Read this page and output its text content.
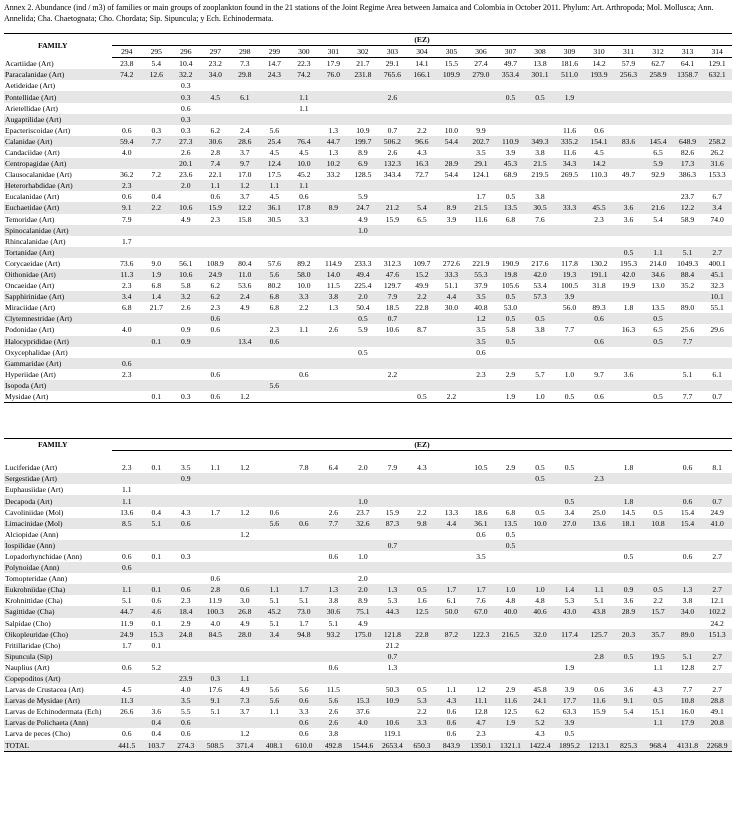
Annex 2. Abundance (ind / m3) of families or main groups of zooplankton found in the 21 stations of the Joint Regime Area between Jamaica and Colombia in October 2011. Phylum: Art. Arthropoda; Mol. Mollusca; Ann. Annelida; Cha. Chaetognata; Cho. Chordata; Sip. Sipuncula; y Ech. Echinodermata.
FAMILY	(EZ)																				
	294	295	296	297	298	299	300	301	302	303	304	305	306	307	308	309	310	311	312	313	314
Acartiidae (Art)	23.8	5.4	10.4	23.2	7.3	14.7	22.3	17.9	21.7	29.1	14.1	15.5	27.4	49.7	13.8	181.6	14.2	57.9	62.7	64.1	129.1
Paracalanidae (Art)	74.2	12.6	32.2	34.0	29.8	24.3	74.2	76.0	231.8	765.6	166.1	109.9	279.0	353.4	301.1	511.0	193.9	256.3	258.9	1358.7	632.1
Aetideidae (Art)			0.3																		
Pontellidae (Art)			0.3	4.5	6.1		1.1			2.6				0.5	0.5	1.9					
Arietellidae (Art)			0.6				1.1														
Augaptilidae (Art)			0.3																		
Epacteriscoidae (Art)	0.6	0.3	0.3	6.2	2.4	5.6		1.3	10.9	0.7	2.2	10.0	9.9			11.6	0.6				
Calanidae (Art)	59.4	7.7	27.3	30.6	28.6	25.4	76.4	44.7	199.7	506.2	96.6	54.4	202.7	110.9	349.3	335.2	154.1	83.6	145.4	648.9	258.2
Candaciidae (Art)	4.0		2.6	2.8	3.7	4.5	4.5	1.3	8.9	2.6	4.3		3.5	3.9	3.8	11.6	4.5		6.5	82.6	26.2
Centropagidae (Art)			20.1	7.4	9.7	12.4	10.0	10.2	6.9	132.3	16.3	28.9	29.1	45.3	21.5	34.3	14.2		5.9	17.3	31.6
Clausocalanidae (Art)	36.2	7.2	23.6	22.1	17.0	17.5	45.2	33.2	128.5	343.4	72.7	54.4	124.1	68.9	219.5	269.5	110.3	49.7	92.9	386.3	153.3
Heterorhabdidae (Art)	2.3		2.0	1.1	1.2	1.1	1.1														
Eucalanidae (Art)	0.6	0.4		0.6	3.7	4.5	0.6		5.9				1.7	0.5	3.8					23.7	6.7
Euchaetidae (Art)	9.1	2.2	10.6	15.9	12.2	36.1	17.8	8.9	24.7	21.2	5.4	8.9	21.5	13.5	30.5	33.3	45.5	3.6	21.6	12.2	3.4
Temoridae (Art)	7.9		4.9	2.3	15.8	30.5	3.3		4.9	15.9	6.5	3.9	11.6	6.8	7.6		2.3	3.6	5.4	58.9	74.0
Spinocalanidae (Art)									1.0												
Rhincalanidae (Art)	1.7																				
Tortanidae (Art)																		0.5	1.1	5.1	2.7
Corycaeidae (Art)	73.6	9.0	56.1	108.9	80.4	57.6	89.2	114.9	233.3	312.3	109.7	272.6	221.9	190.9	217.6	117.8	130.2	195.3	214.0	1049.3	400.1
Oithonidae (Art)	11.3	1.9	10.6	24.9	11.0	5.6	58.0	14.0	49.4	47.6	15.2	33.3	55.3	19.8	42.0	19.3	191.1	42.0	34.6	88.4	45.1
Oncaeidae (Art)	2.3	6.8	5.8	6.2	53.6	80.2	10.0	11.5	225.4	129.7	49.9	51.1	37.9	105.6	53.4	100.5	31.8	19.9	13.0	35.2	32.3
Sapphirinidae (Art)	3.4	1.4	3.2	6.2	2.4	6.8	3.3	3.8	2.0	7.9	2.2	4.4	3.5	0.5	57.3	3.9					10.1
Miraciidae (Art)	6.8	21.7	2.6	2.3	4.9	6.8	2.2	1.3	50.4	18.5	22.8	30.0	40.8	53.0		56.0	89.3	1.8	13.5	89.0	55.1
Clytemnestridae (Art)				0.6					0.5	0.7			1.2	0.5	0.5		0.6		0.5		
Podonidae (Art)	4.0		0.9	0.6		2.3	1.1	2.6	5.9	10.6	8.7		3.5	5.8	3.8	7.7		16.3	6.5	25.6	29.6
Halocyprididae (Art)		0.1	0.9		13.4	0.6							3.5	0.5			0.6		0.5	7.7	
Oxycephalidae (Art)									0.5				0.6								
Gammaridae (Art)	0.6																				
Hyperiidae (Art)	2.3			0.6			0.6			2.2			2.3	2.9	5.7	1.0	9.7	3.6		5.1	6.1
Isopoda (Art)						5.6															
Mysidae (Art)		0.1	0.3	0.6	1.2						0.5	2.2		1.9	1.0	0.5	0.6		0.5	7.7	0.7
FAMILY	(EZ)																				

Luciferidae (Art)	2.3	0.1	3.5	1.1	1.2		7.8	6.4	2.0	7.9	4.3		10.5	2.9	0.5	0.5		1.8		0.6	8.1
Sergestidae (Art)			0.9												0.5		2.3				
Euphausiidae (Art)	1.1																				
Decapoda (Art)	1.1								1.0							0.5		1.8		0.6	0.7
Cavoliniidae (Mol)	13.6	0.4	4.3	1.7	1.2	0.6		2.6	23.7	15.9	2.2	13.3	18.6	6.8	0.5	3.4	25.0	14.5	0.5	15.4	24.9
Limacinidae (Mol)	8.5	5.1	0.6			5.6	0.6	7.7	32.6	87.3	9.8	4.4	36.1	13.5	10.0	27.0	13.6	18.1	10.8	15.4	41.0
Alciopidae (Ann)					1.2								0.6	0.5							
Iospilidae (Ann)										0.7				0.5							
Lopadorhynchidae (Ann)	0.6	0.1	0.3					0.6	1.0				3.5					0.5		0.6	2.7
Polynoidae (Ann)	0.6																				
Tomopteridae (Ann)				0.6					2.0												
Eukrohniidae (Cha)	1.1	0.1	0.6	2.8	0.6	1.1	1.7	1.3	2.0	1.3	0.5	1.7	1.7	1.0	1.0	1.4	1.1	0.9	0.5	1.3	2.7
Krohnittidae (Cha)	5.1	0.6	2.3	11.9	3.0	5.1	5.1	3.8	8.9	5.3	1.6	6.1	7.6	4.8	4.8	5.3	5.1	3.6	2.2	3.8	12.1
Sagittidae (Cha)	44.7	4.6	18.4	100.3	26.8	45.2	73.0	30.6	75.1	44.3	12.5	50.0	67.0	40.0	40.6	43.0	43.8	28.9	15.7	34.0	102.2
Salpidae (Cho)	11.9	0.1	2.9	4.0	4.9	5.1	1.7	5.1	4.9												24.2
Oikopleuridae (Cho)	24.9	15.3	24.8	84.5	28.0	3.4	94.8	93.2	175.0	121.8	22.8	87.2	122.3	216.5	32.0	117.4	125.7	20.3	35.7	89.0	151.3
Fritillaridae (Cho)	1.7	0.1								21.2											
Sipuncula (Sip)										0.7							2.8	0.5	19.5	5.1	2.7
Nauplius (Art)	0.6	5.2						0.6		1.3						1.9			1.1	12.8	2.7
Copepoditos (Art)			23.9	0.3	1.1																
Larvas de Crustacea (Art)	4.5		4.0	17.6	4.9	5.6	5.6	11.5		50.3	0.5	1.1	1.2	2.9	45.8	3.9	0.6	3.6	4.3	7.7	2.7
Larvas de Mysidae (Art)	11.3		3.5	9.1	7.3	5.6	0.6	5.6	15.3	10.9	5.3	4.3	11.1	11.6	24.1	17.7	11.6	9.1	0.5	10.8	28.8
Larvas de Echinodermata (Ech)	26.6	3.6	5.5	5.1	3.7	1.1	3.3	2.6	37.6		2.2	0.6	12.8	12.5	6.2	63.3	15.9	5.4	15.1	16.0	49.1
Larvas de Polichaeta (Ann)		0.4	0.6				0.6	2.6	4.0	10.6	3.3	0.6	4.7	1.9	5.2	3.9			1.1	17.9	20.8
Larva de peces (Cho)	0.6	0.4	0.6		1.2		0.6	3.8		119.1		0.6	2.3		4.3	0.5					
TOTAL	441.5	103.7	274.3	508.5	371.4	408.1	610.0	492.8	1544.6	2653.4	650.3	843.9	1350.1	1321.1	1422.4	1895.2	1213.1	825.3	968.4	4131.8	2268.9
